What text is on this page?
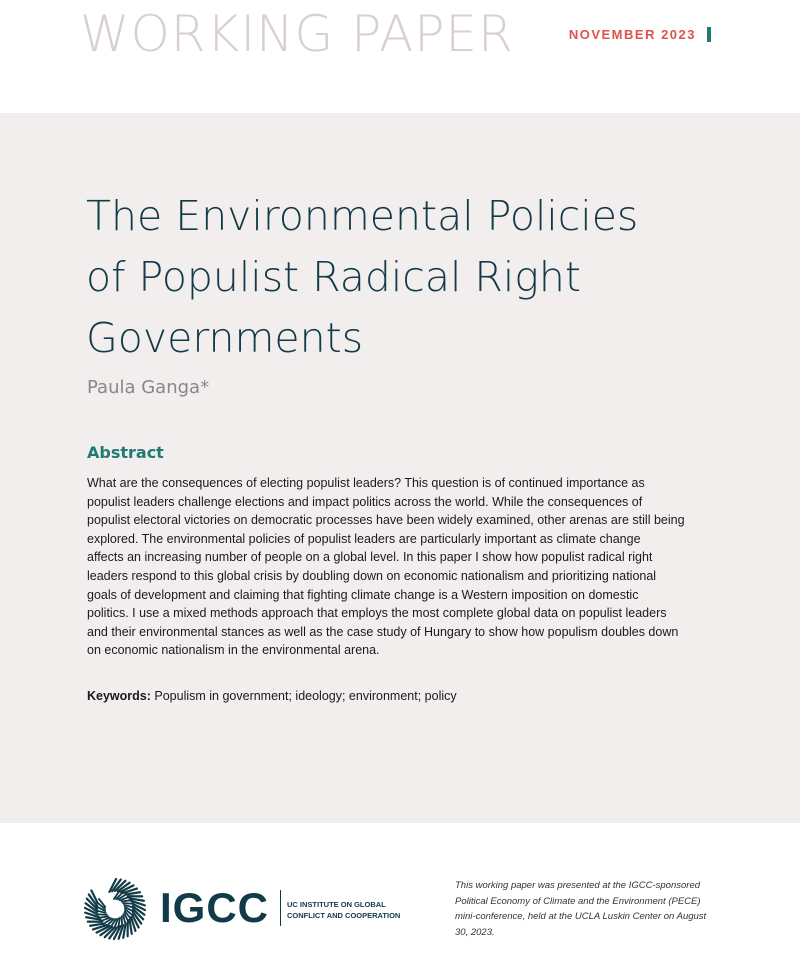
WORKING PAPER	NOVEMBER 2023
The Environmental Policies
of Populist Radical Right
Governments
Paula Ganga*
Abstract
What are the consequences of electing populist leaders? This question is of continued importance as
populist leaders challenge elections and impact politics across the world. While the consequences of
populist electoral victories on democratic processes have been widely examined, other arenas are still being
explored. The environmental policies of populist leaders are particularly important as climate change
affects an increasing number of people on a global level. In this paper I show how populist radical right
leaders respond to this global crisis by doubling down on economic nationalism and prioritizing national
goals of development and claiming that fighting climate change is a Western imposition on domestic
politics. I use a mixed methods approach that employs the most complete global data on populist leaders
and their environmental stances as well as the case study of Hungary to show how populism doubles down
on economic nationalism in the environmental arena.
Keywords: Populism in government; ideology; environment; policy
IGCC UC INSTITUTE ON GLOBAL
CONFLICT AND COOPERATION
This working paper was presented at the IGCC-sponsored
Political Economy of Climate and the Environment (PECE)
mini-conference, held at the UCLA Luskin Center on August
30, 2023.
